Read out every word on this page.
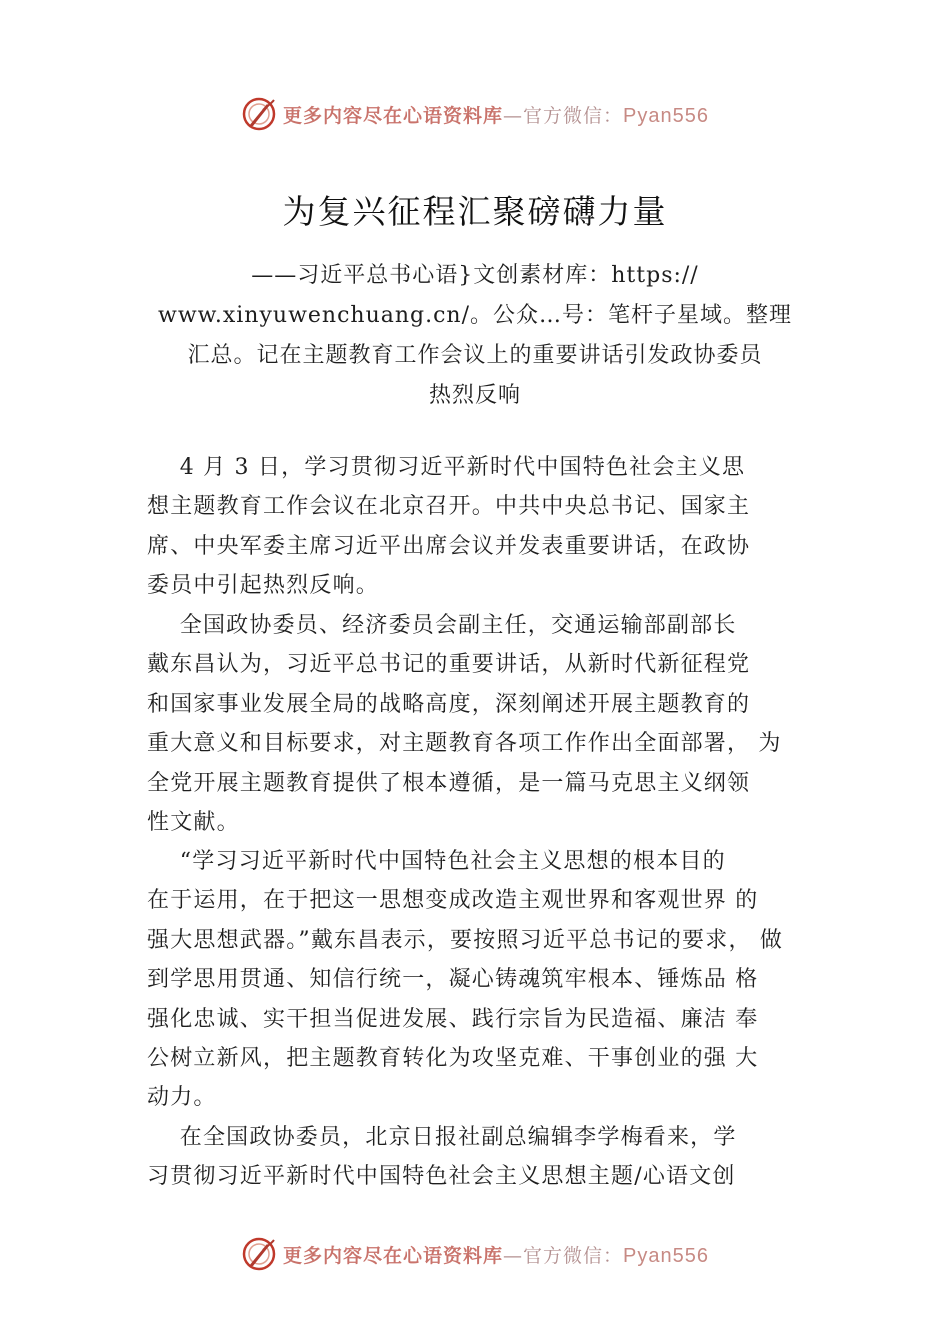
更多内容尽在心语资料库—官方微信：Pyan556
为复兴征程汇聚磅礴力量
——习近平总书心语}文创素材库：https://
www.xinyuwenchuang.cn/。公众…号：笔杆子星域。整理
汇总。记在主题教育工作会议上的重要讲话引发政协委员
热烈反响
4 月 3 日，学习贯彻习近平新时代中国特色社会主义思
想主题教育工作会议在北京召开。中共中央总书记、国家主
席、中央军委主席习近平出席会议并发表重要讲话，在政协
委员中引起热烈反响。
全国政协委员、经济委员会副主任，交通运输部副部长
戴东昌认为，习近平总书记的重要讲话，从新时代新征程党
和国家事业发展全局的战略高度，深刻阐述开展主题教育的
重大意义和目标要求，对主题教育各项工作作出全面部署， 为
全党开展主题教育提供了根本遵循，是一篇马克思主义纲领
性文献。
“学习习近平新时代中国特色社会主义思想的根本目的
在于运用，在于把这一思想变成改造主观世界和客观世界 的
强大思想武器。”戴东昌表示，要按照习近平总书记的要求， 做
到学思用贯通、知信行统一，凝心铸魂筑牢根本、锤炼品 格
强化忠诚、实干担当促进发展、践行宗旨为民造福、廉洁 奉
公树立新风，把主题教育转化为攻坚克难、干事创业的强 大
动力。
在全国政协委员，北京日报社副总编辑李学梅看来，学
习贯彻习近平新时代中国特色社会主义思想主题/心语文创
更多内容尽在心语资料库—官方微信：Pyan556
